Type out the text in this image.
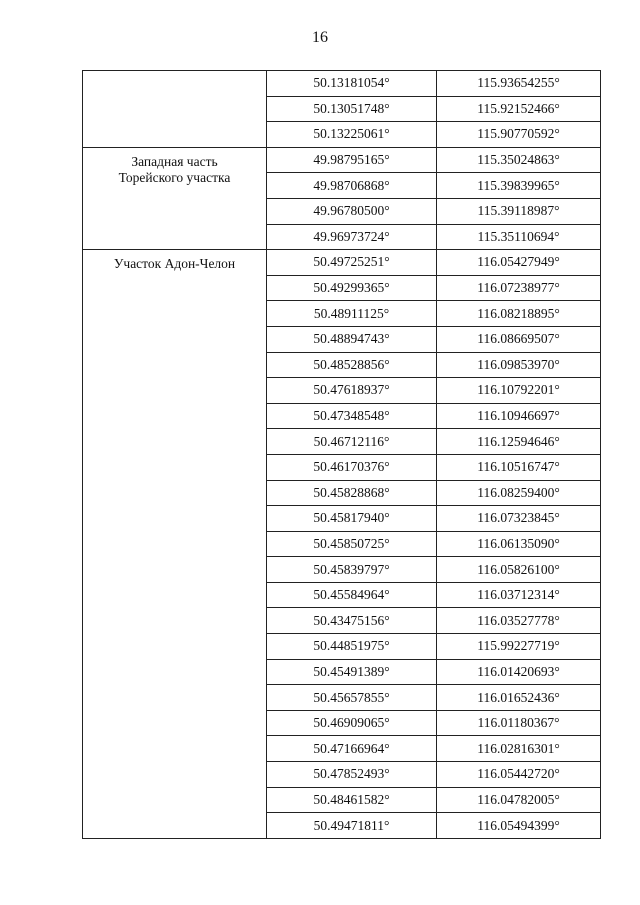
16
	50.13181054°	115.93654255°
	50.13051748°	115.92152466°
	50.13225061°	115.90770592°

Западная часть
Торейского участка	49.98795165°	115.35024863°
	49.98706868°	115.39839965°
	49.96780500°	115.39118987°
	49.96973724°	115.35110694°

Участок Адон-Челон	50.49725251°	116.05427949°
	50.49299365°	116.07238977°
	50.48911125°	116.08218895°
	50.48894743°	116.08669507°
	50.48528856°	116.09853970°
	50.47618937°	116.10792201°
	50.47348548°	116.10946697°
	50.46712116°	116.12594646°
	50.46170376°	116.10516747°
	50.45828868°	116.08259400°
	50.45817940°	116.07323845°
	50.45850725°	116.06135090°
	50.45839797°	116.05826100°
	50.45584964°	116.03712314°
	50.43475156°	116.03527778°
	50.44851975°	115.99227719°
	50.45491389°	116.01420693°
	50.45657855°	116.01652436°
	50.46909065°	116.01180367°
	50.47166964°	116.02816301°
	50.47852493°	116.05442720°
	50.48461582°	116.04782005°
	50.49471811°	116.05494399°
